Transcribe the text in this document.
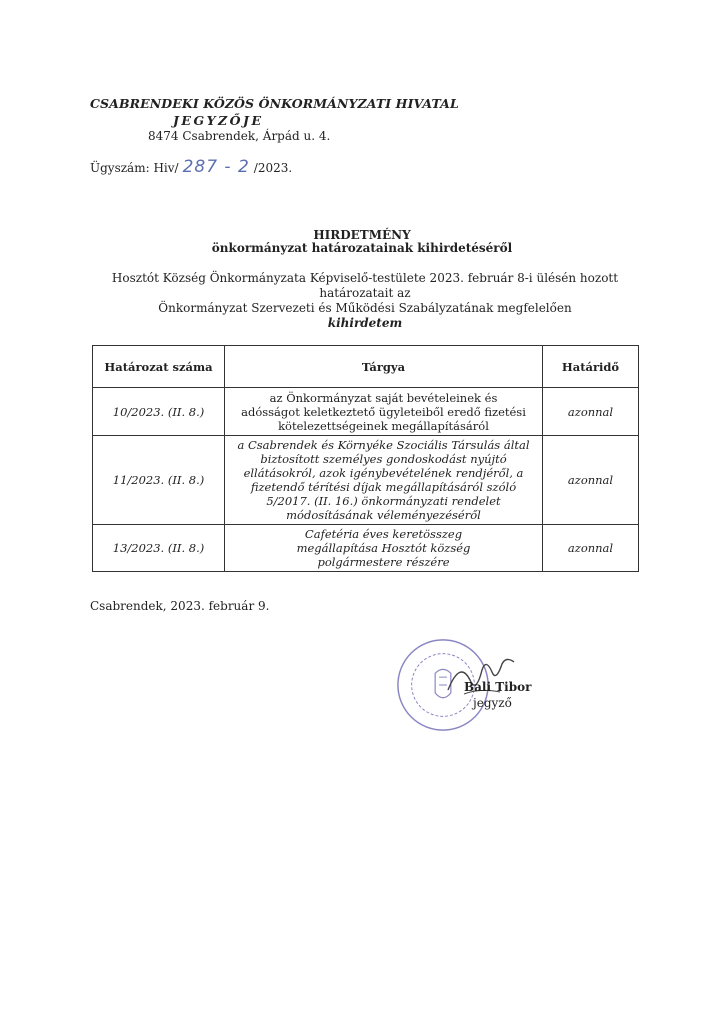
CSABRENDEKI KÖZÖS ÖNKORMÁNYZATI HIVATAL
JEGYZŐJE
8474 Csabrendek, Árpád u. 4.
Ügyszám: Hiv/ 287 - 2 /2023.
HIRDETMÉNY
önkormányzat határozatainak kihirdetéséről
Hosztót Község Önkormányzata Képviselő-testülete 2023. február 8-i ülésén hozott határozatait az
Önkormányzat Szervezeti és Működési Szabályzatának megfelelően
kihirdetem
Határozat száma	Tárgya	Határidő
10/2023. (II. 8.)	az Önkormányzat saját bevételeinek és adósságot keletkeztető ügyleteiből eredő fizetési kötelezettségeinek megállapításáról	azonnal
11/2023. (II. 8.)	a Csabrendek és Környéke Szociális Társulás által biztosított személyes gondoskodást nyújtó ellátásokról, azok igénybevételének rendjéről, a fizetendő térítési díjak megállapításáról szóló 5/2017. (II. 16.) önkormányzati rendelet módosításának véleményezéséről	azonnal
13/2023. (II. 8.)	Cafetéria éves keretösszeg megállapítása Hosztót község polgármestere részére	azonnal
Csabrendek, 2023. február 9.
Bali Tibor
jegyző
